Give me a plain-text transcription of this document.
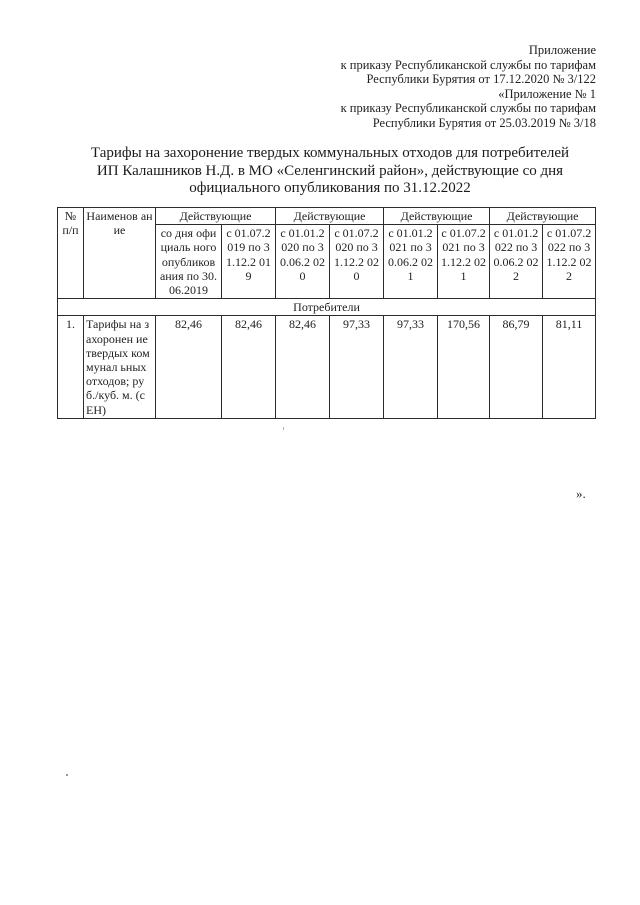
Приложение
к приказу Республиканской службы по тарифам
Республики Бурятия от 17.12.2020 № 3/122
«Приложение № 1
к приказу Республиканской службы по тарифам
Республики Бурятия от 25.03.2019 № 3/18
Тарифы на захоронение твердых коммунальных отходов для потребителей
ИП Калашников Н.Д. в МО «Селенгинский район», действующие со дня
официального опубликования по 31.12.2022
№ п/п	Наименов ание	Действующие		Действующие		Действующие		Действующие	
		со дня официаль ного опубликов ания по 30.06.2019	с 01.07.2 019 по 31.12.2 019	с 01.01.2 020 по 30.06.2 020	с 01.07.2 020 по 31.12.2 020	с 01.01.2 021 по 30.06.2 021	с 01.07.2 021 по 31.12.2 021	с 01.01.2 022 по 30.06.2 022	с 01.07.2 022 по 31.12.2 022
Потребители									
1.	Тарифы на захоронен ие твердых коммунал ьных отходов; руб./куб. м. (с ЕН)	82,46	82,46	82,46	97,33	97,33	170,56	86,79	81,11
».
